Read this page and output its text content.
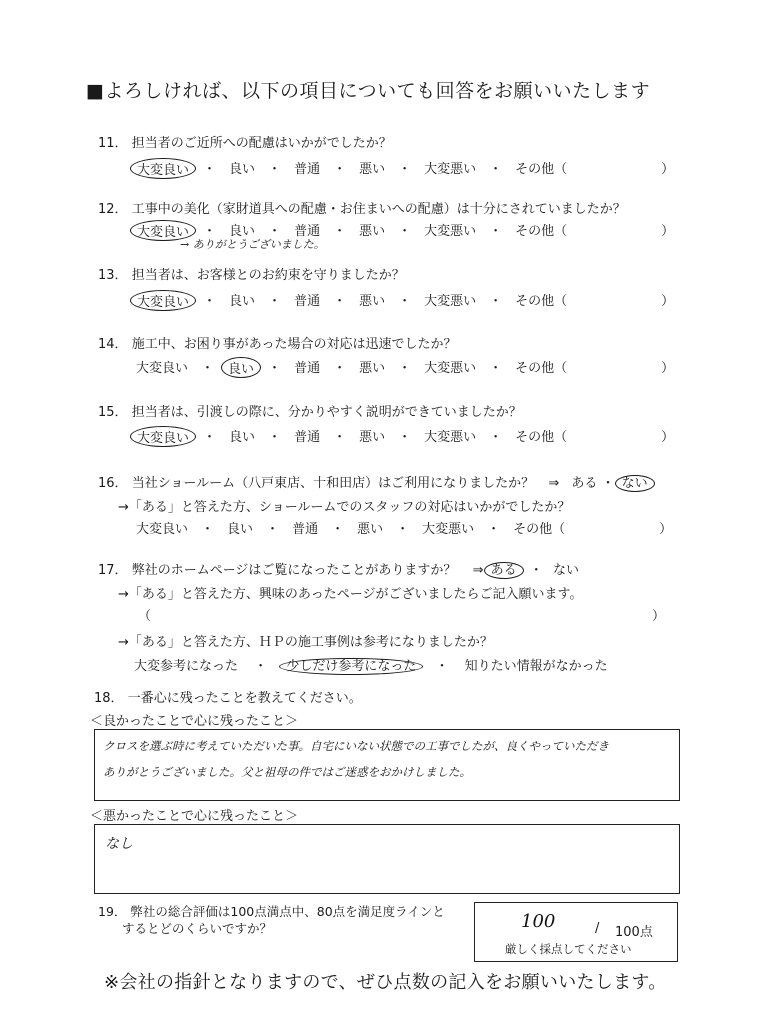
■よろしければ、以下の項目についても回答をお願いいたします
11． 担当者のご近所への配慮はいかがでしたか？
大変良い	・	良い	・	普通	・	悪い	・	大変悪い	・	その他（	）
12． 工事中の美化（家財道具への配慮・お住まいへの配慮）は十分にされていましたか？
大変良い	・	良い	・	普通	・	悪い	・	大変悪い	・	その他（	）
→ ありがとうございました。
13． 担当者は、お客様とのお約束を守りましたか？
大変良い	・	良い	・	普通	・	悪い	・	大変悪い	・	その他（	）
14． 施工中、お困り事があった場合の対応は迅速でしたか？
大変良い	・	良い	・	普通	・	悪い	・	大変悪い	・	その他（	）
15． 担当者は、引渡しの際に、分かりやすく説明ができていましたか？
大変良い	・	良い	・	普通	・	悪い	・	大変悪い	・	その他（	）
16． 当社ショールーム（八戸東店、十和田店）はご利用になりましたか？ ⇒ ある ・ ない
→「ある」と答えた方、ショールームでのスタッフの対応はいかがでしたか？
大変良い	・	良い	・	普通	・	悪い	・	大変悪い	・	その他（	）
17． 弊社のホームページはご覧になったことがありますか？ ⇒ ある ・ ない
→「ある」と答えた方、興味のあったページがございましたらご記入願います。
（	）
→「ある」と答えた方、ＨＰの施工事例は参考になりましたか？
大変参考になった ・ 少しだけ参考になった ・ 知りたい情報がなかった
18． 一番心に残ったことを教えてください。
＜良かったことで心に残ったこと＞
クロスを選ぶ時に考えていただいた事。自宅にいない状態での工事でしたが、良くやっていただき
ありがとうございました。父と祖母の件ではご迷惑をおかけしました。
＜悪かったことで心に残ったこと＞
なし
19． 弊社の総合評価は100点満点中、80点を満足度ラインと
するとどのくらいですか？	100	/ 100点
厳しく採点してください
※会社の指針となりますので、ぜひ点数の記入をお願いいたします。
